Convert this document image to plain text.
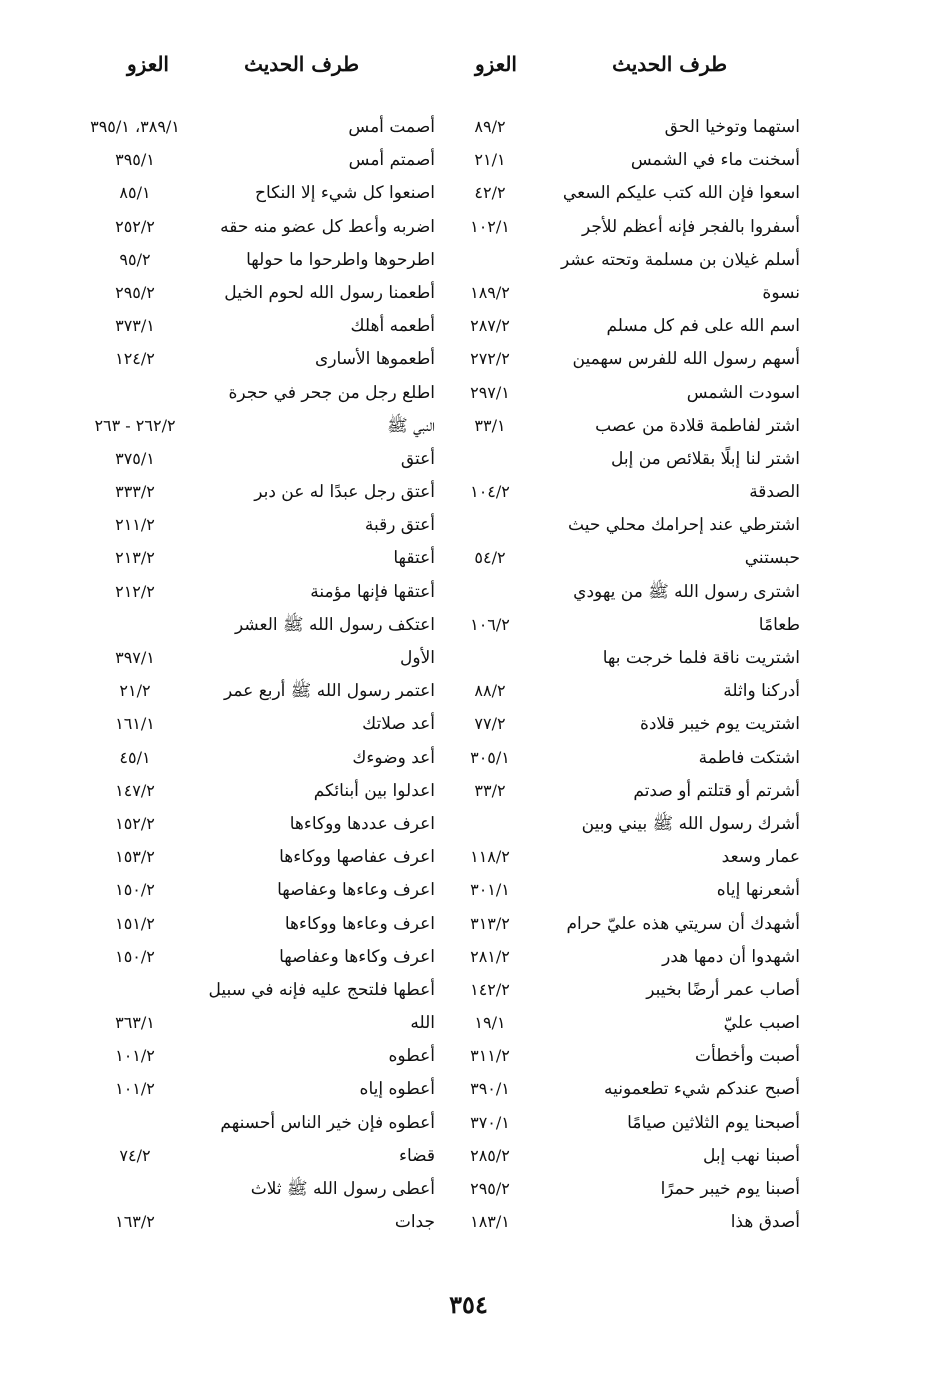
طرف الحديث
العزو
طرف الحديث
العزو
استهما وتوخيا الحق
٨٩/٢
أسخنت ماء في الشمس
٢١/١
اسعوا فإن الله كتب عليكم السعي
٤٢/٢
أسفروا بالفجر فإنه أعظم للأجر
١٠٢/١
أسلم غيلان بن مسلمة وتحته عشر
نسوة
١٨٩/٢
اسم الله على فم كل مسلم
٢٨٧/٢
أسهم رسول الله للفرس سهمين
٢٧٢/٢
اسودت الشمس
٢٩٧/١
اشتر لفاطمة قلادة من عصب
٣٣/١
اشتر لنا إبلًا بقلائص من إبل
الصدقة
١٠٤/٢
اشترطي عند إحرامك محلي حيث
حبستني
٥٤/٢
اشترى رسول الله ﷺ من يهودي
طعامًا
١٠٦/٢
اشتريت ناقة فلما خرجت بها
أدركنا واثلة
٨٨/٢
اشتريت يوم خيبر قلادة
٧٧/٢
اشتكت فاطمة
٣٠٥/١
أشرتم أو قتلتم أو صدتم
٣٣/٢
أشرك رسول الله ﷺ بيني وبين
عمار وسعد
١١٨/٢
أشعرنها إياه
٣٠١/١
أشهدك أن سريتي هذه عليّ حرام
٣١٣/٢
اشهدوا أن دمها هدر
٢٨١/٢
أصاب عمر أرضًا بخيبر
١٤٢/٢
اصبب عليّ
١٩/١
أصبت وأخطأت
٣١١/٢
أصبح عندكم شيء تطعمونيه
٣٩٠/١
أصبحنا يوم الثلاثين صيامًا
٣٧٠/١
أصبنا نهب إبل
٢٨٥/٢
أصبنا يوم خيبر حمرًا
٢٩٥/٢
أصدق هذا
١٨٣/١
أصمت أمس
٣٨٩/١، ٣٩٥/١
أصمتم أمس
٣٩٥/١
اصنعوا كل شيء إلا النكاح
٨٥/١
اضربه وأعط كل عضو منه حقه
٢٥٢/٢
اطرحوها واطرحوا ما حولها
٩٥/٢
أطعمنا رسول الله لحوم الخيل
٢٩٥/٢
أطعمه أهلك
٣٧٣/١
أطعموها الأسارى
١٢٤/٢
اطلع رجل من جحر في حجرة
النبي ﷺ
٢٦٢/٢ - ٢٦٣
أعتق
٣٧٥/١
أعتق رجل عبدًا له عن دبر
٣٣٣/٢
أعتق رقبة
٢١١/٢
أعتقها
٢١٣/٢
أعتقها فإنها مؤمنة
٢١٢/٢
اعتكف رسول الله ﷺ العشر
الأول
٣٩٧/١
اعتمر رسول الله ﷺ أربع عمر
٢١/٢
أعد صلاتك
١٦١/١
أعد وضوءك
٤٥/١
اعدلوا بين أبنائكم
١٤٧/٢
اعرف عددها ووكاءها
١٥٢/٢
اعرف عفاصها ووكاءها
١٥٣/٢
اعرف وعاءها وعفاصها
١٥٠/٢
اعرف وعاءها ووكاءها
١٥١/٢
اعرف وكاءها وعفاصها
١٥٠/٢
أعطها فلتحج عليه فإنه في سبيل
الله
٣٦٣/١
أعطوه
١٠١/٢
أعطوه إياه
١٠١/٢
أعطوه فإن خير الناس أحسنهم
قضاء
٧٤/٢
أعطى رسول الله ﷺ ثلاث
جدات
١٦٣/٢
٣٥٤
